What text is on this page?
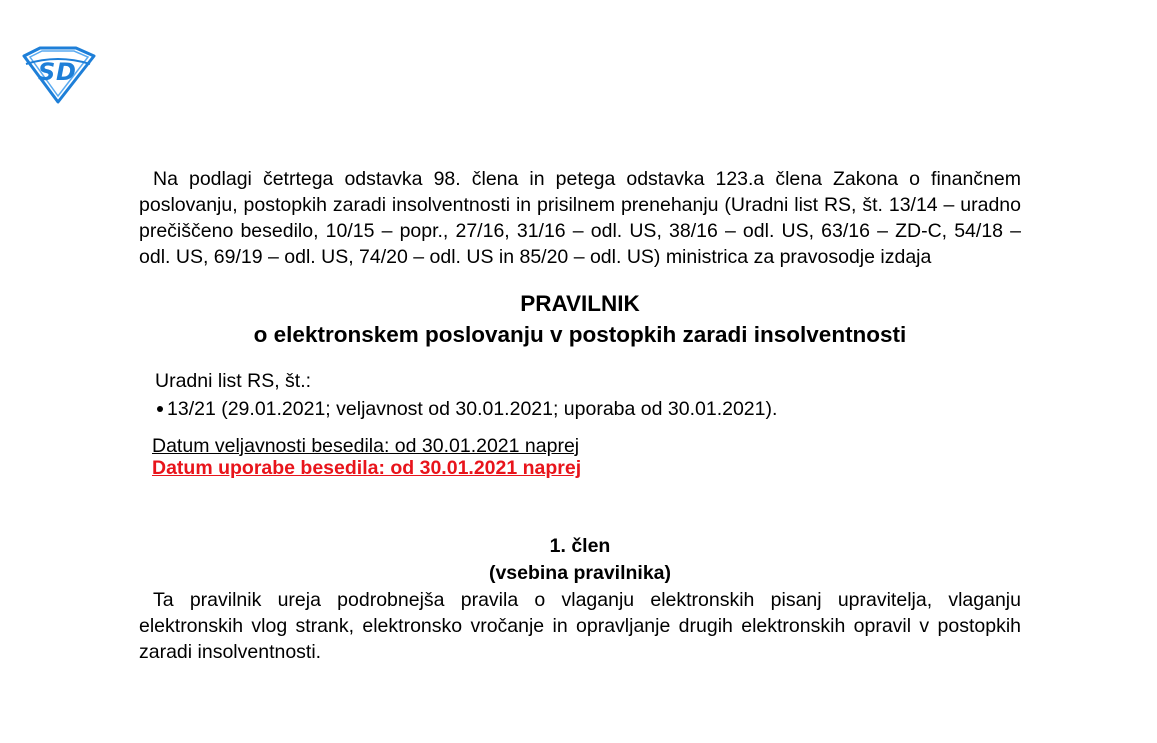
S D

Na podlagi četrtega odstavka 98. člena in petega odstavka 123.a člena Zakona o finančnem poslovanju, postopkih zaradi insolventnosti in prisilnem prenehanju (Uradni list RS, št. 13/14 – uradno prečiščeno besedilo, 10/15 – popr., 27/16, 31/16 – odl. US, 38/16 – odl. US, 63/16 – ZD-C, 54/18 – odl. US, 69/19 – odl. US, 74/20 – odl. US in 85/20 – odl. US) ministrica za pravosodje izdaja

PRAVILNIK
o elektronskem poslovanju v postopkih zaradi insolventnosti
Uradni list RS, št.:
13/21 (29.01.2021; veljavnost od 30.01.2021; uporaba od 30.01.2021).
Datum veljavnosti besedila: od 30.01.2021 naprej
Datum uporabe besedila: od 30.01.2021 naprej
1. člen
(vsebina pravilnika)

Ta pravilnik ureja podrobnejša pravila o vlaganju elektronskih pisanj upravitelja, vlaganju elektronskih vlog strank, elektronsko vročanje in opravljanje drugih elektronskih opravil v postopkih zaradi insolventnosti.
